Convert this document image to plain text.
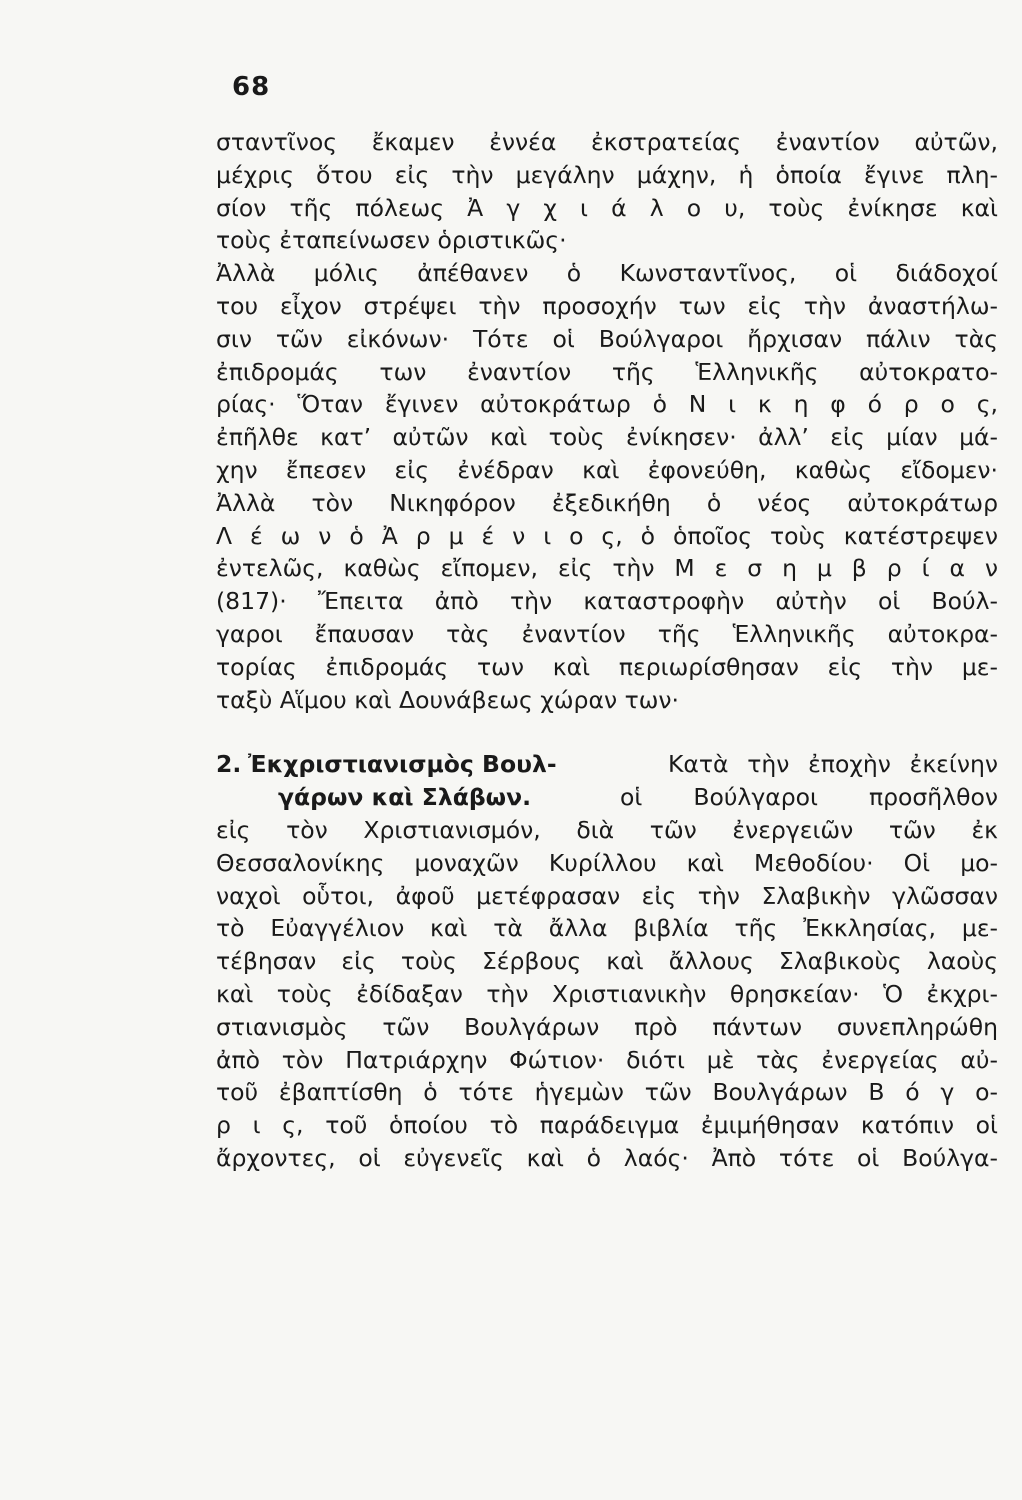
68
σταντῖνος ἔκαμεν ἐννέα ἐκστρατείας ἐναντίον αὐτῶν,
μέχρις ὅτου εἰς τὴν μεγάλην μάχην, ἡ ὁποία ἔγινε πλη-
σίον τῆς πόλεως Ἀ γ χ ι ά λ ο υ, τοὺς ἐνίκησε καὶ
τοὺς ἐταπείνωσεν ὁριστικῶς·
Ἀλλὰ μόλις ἀπέθανεν ὁ Κωνσταντῖνος, οἱ διάδοχοί
του εἶχον στρέψει τὴν προσοχήν των εἰς τὴν ἀναστήλω-
σιν τῶν εἰκόνων· Τότε οἱ Βούλγαροι ἤρχισαν πάλιν τὰς
ἐπιδρομάς των ἐναντίον τῆς Ἑλληνικῆς αὐτοκρατο-
ρίας· Ὅταν ἔγινεν αὐτοκράτωρ ὁ Ν ι κ η φ ό ρ ο ς,
ἐπῆλθε κατ’ αὐτῶν καὶ τοὺς ἐνίκησεν· ἀλλ’ εἰς μίαν μά-
χην ἔπεσεν εἰς ἐνέδραν καὶ ἐφονεύθη, καθὼς εἴδομεν·
Ἀλλὰ τὸν Νικηφόρον ἐξεδικήθη ὁ νέος αὐτοκράτωρ
Λ έ ω ν ὁ Ἀ ρ μ έ ν ι ο ς, ὁ ὁποῖος τοὺς κατέστρεψεν
ἐντελῶς, καθὼς εἴπομεν, εἰς τὴν Μ ε σ η μ β ρ ί α ν
(817)· Ἔπειτα ἀπὸ τὴν καταστροφὴν αὐτὴν οἱ Βούλ-
γαροι ἔπαυσαν τὰς ἐναντίον τῆς Ἑλληνικῆς αὐτοκρα-
τορίας ἐπιδρομάς των καὶ περιωρίσθησαν εἰς τὴν με-
ταξὺ Αἵμου καὶ Δουνάβεως χώραν των·
2. Ἐκχριστιανισμὸς Βουλ-	Κατὰ τὴν ἐποχὴν ἐκείνην
γάρων καὶ Σλάβων.	οἱ Βούλγαροι προσῆλθον
εἰς τὸν Χριστιανισμόν, διὰ τῶν ἐνεργειῶν τῶν ἐκ
Θεσσαλονίκης μοναχῶν Κυρίλλου καὶ Μεθοδίου· Οἱ μο-
ναχοὶ οὗτοι, ἀφοῦ μετέφρασαν εἰς τὴν Σλαβικὴν γλῶσσαν
τὸ Εὐαγγέλιον καὶ τὰ ἄλλα βιβλία τῆς Ἐκκλησίας, με-
τέβησαν εἰς τοὺς Σέρβους καὶ ἄλλους Σλαβικοὺς λαοὺς
καὶ τοὺς ἐδίδαξαν τὴν Χριστιανικὴν θρησκείαν· Ὁ ἐκχρι-
στιανισμὸς τῶν Βουλγάρων πρὸ πάντων συνεπληρώθη
ἀπὸ τὸν Πατριάρχην Φώτιον· διότι μὲ τὰς ἐνεργείας αὐ-
τοῦ ἐβαπτίσθη ὁ τότε ἡγεμὼν τῶν Βουλγάρων Β ό γ ο-
ρ ι ς, τοῦ ὁποίου τὸ παράδειγμα ἐμιμήθησαν κατόπιν οἱ
ἄρχοντες, οἱ εὐγενεῖς καὶ ὁ λαός· Ἀπὸ τότε οἱ Βούλγα-
